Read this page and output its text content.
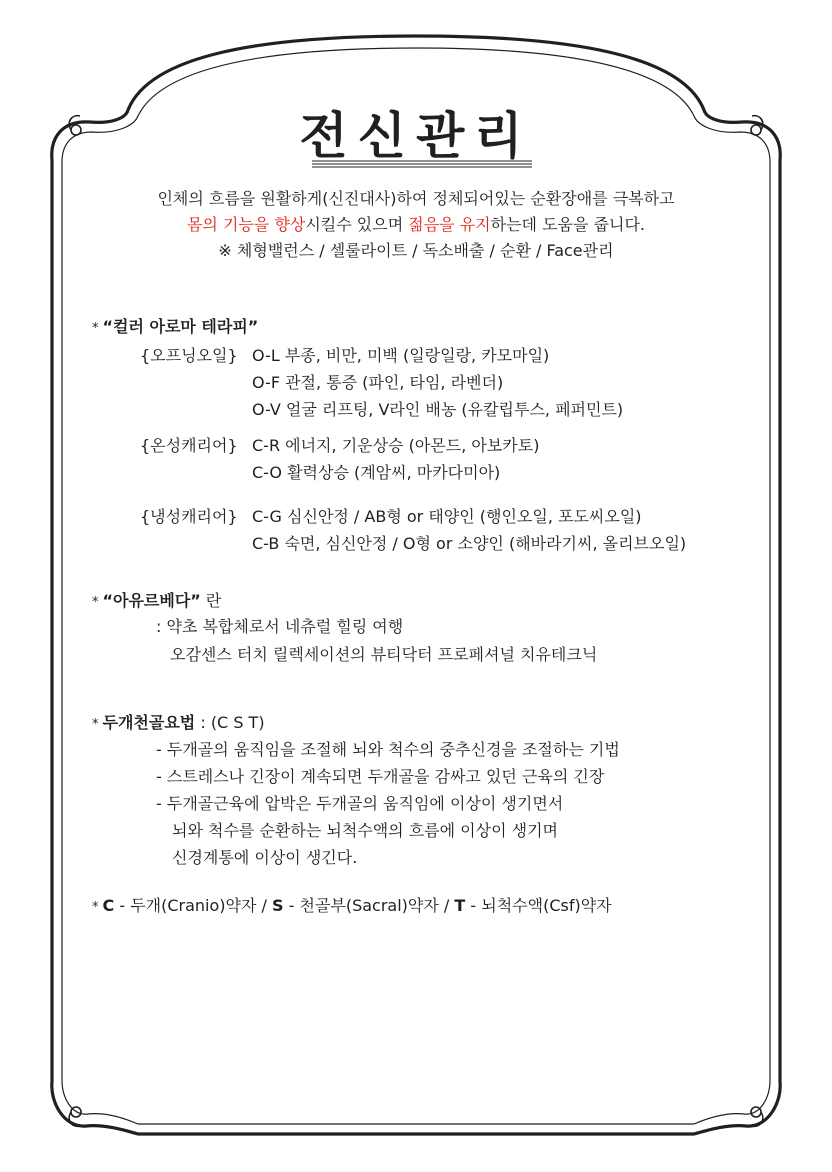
전신관리
인체의 흐름을 원활하게(신진대사)하여 정체되어있는 순환장애를 극복하고
몸의 기능을 향상시킬수 있으며 젊음을 유지하는데 도움을 줍니다.
※ 체형밸런스 / 셀룰라이트 / 독소배출 / 순환 / Face관리
* “컬러 아로마 테라피”
{오프닝오일} O-L 부종, 비만, 미백 (일랑일랑, 카모마일)
O-F 관절, 통증 (파인, 타임, 라벤더)
O-V 얼굴 리프팅, V라인 배농 (유칼립투스, 페퍼민트)
{온성캐리어} C-R 에너지, 기운상승 (아몬드, 아보카토)
C-O 활력상승 (계암씨, 마카다미아)
{냉성캐리어} C-G 심신안정 / AB형 or 태양인 (행인오일, 포도씨오일)
C-B 숙면, 심신안정 / O형 or 소양인 (해바라기씨, 올리브오일)
* “아유르베다” 란
: 약초 복합체로서 네츄럴 힐링 여행
오감센스 터치 릴렉세이션의 뷰티닥터 프로페셔널 치유테크닉
* 두개천골요법 : (C S T)
- 두개골의 움직임을 조절해 뇌와 척수의 중추신경을 조절하는 기법
- 스트레스나 긴장이 계속되면 두개골을 감싸고 있던 근육의 긴장
- 두개골근육에 압박은 두개골의 움직임에 이상이 생기면서
뇌와 척수를 순환하는 뇌척수액의 흐름에 이상이 생기며
신경계통에 이상이 생긴다.
* C - 두개(Cranio)약자 / S - 천골부(Sacral)약자 / T - 뇌척수액(Csf)약자
